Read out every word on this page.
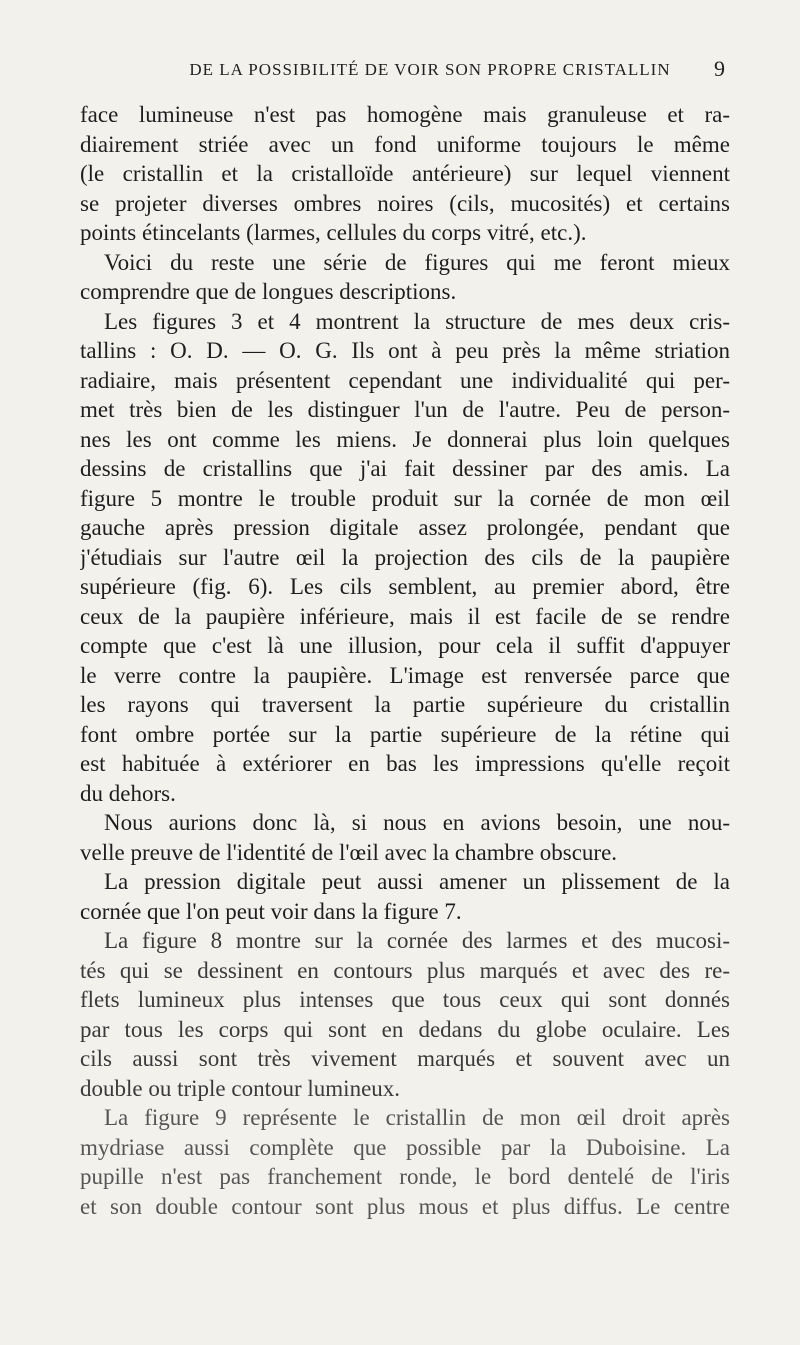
DE LA POSSIBILITÉ DE VOIR SON PROPRE CRISTALLIN	9
face lumineuse n'est pas homogène mais granuleuse et ra-
diairement striée avec un fond uniforme toujours le même
(le cristallin et la cristalloïde antérieure) sur lequel viennent
se projeter diverses ombres noires (cils, mucosités) et certains
points étincelants (larmes, cellules du corps vitré, etc.).
Voici du reste une série de figures qui me feront mieux
comprendre que de longues descriptions.
Les figures 3 et 4 montrent la structure de mes deux cris-
tallins : O. D. — O. G. Ils ont à peu près la même striation
radiaire, mais présentent cependant une individualité qui per-
met très bien de les distinguer l'un de l'autre. Peu de person-
nes les ont comme les miens. Je donnerai plus loin quelques
dessins de cristallins que j'ai fait dessiner par des amis. La
figure 5 montre le trouble produit sur la cornée de mon œil
gauche après pression digitale assez prolongée, pendant que
j'étudiais sur l'autre œil la projection des cils de la paupière
supérieure (fig. 6). Les cils semblent, au premier abord, être
ceux de la paupière inférieure, mais il est facile de se rendre
compte que c'est là une illusion, pour cela il suffit d'appuyer
le verre contre la paupière. L'image est renversée parce que
les rayons qui traversent la partie supérieure du cristallin
font ombre portée sur la partie supérieure de la rétine qui
est habituée à extériorer en bas les impressions qu'elle reçoit
du dehors.
Nous aurions donc là, si nous en avions besoin, une nou-
velle preuve de l'identité de l'œil avec la chambre obscure.
La pression digitale peut aussi amener un plissement de la
cornée que l'on peut voir dans la figure 7.
La figure 8 montre sur la cornée des larmes et des mucosi-
tés qui se dessinent en contours plus marqués et avec des re-
flets lumineux plus intenses que tous ceux qui sont donnés
par tous les corps qui sont en dedans du globe oculaire. Les
cils aussi sont très vivement marqués et souvent avec un
double ou triple contour lumineux.
La figure 9 représente le cristallin de mon œil droit après
mydriase aussi complète que possible par la Duboisine. La
pupille n'est pas franchement ronde, le bord dentelé de l'iris
et son double contour sont plus mous et plus diffus. Le centre
